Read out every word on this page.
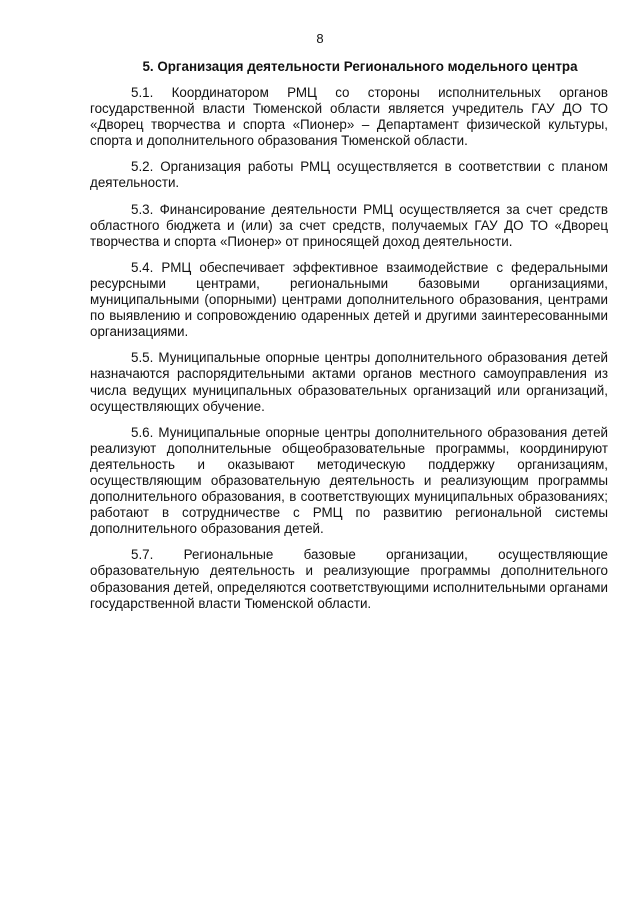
8
5. Организация деятельности Регионального модельного центра

5.1. Координатором РМЦ со стороны исполнительных органов государственной власти Тюменской области является учредитель ГАУ ДО ТО «Дворец творчества и спорта «Пионер» – Департамент физической культуры, спорта и дополнительного образования Тюменской области.

5.2. Организация работы РМЦ осуществляется в соответствии с планом деятельности.

5.3. Финансирование деятельности РМЦ осуществляется за счет средств областного бюджета и (или) за счет средств, получаемых ГАУ ДО ТО «Дворец творчества и спорта «Пионер» от приносящей доход деятельности.

5.4. РМЦ обеспечивает эффективное взаимодействие с федеральными ресурсными центрами, региональными базовыми организациями, муниципальными (опорными) центрами дополнительного образования, центрами по выявлению и сопровождению одаренных детей и другими заинтересованными организациями.

5.5. Муниципальные опорные центры дополнительного образования детей назначаются распорядительными актами органов местного самоуправления из числа ведущих муниципальных образовательных организаций или организаций, осуществляющих обучение.

5.6. Муниципальные опорные центры дополнительного образования детей реализуют дополнительные общеобразовательные программы, координируют деятельность и оказывают методическую поддержку организациям, осуществляющим образовательную деятельность и реализующим программы дополнительного образования, в соответствующих муниципальных образованиях; работают в сотрудничестве с РМЦ по развитию региональной системы дополнительного образования детей.

5.7. Региональные базовые организации, осуществляющие образовательную деятельность и реализующие программы дополнительного образования детей, определяются соответствующими исполнительными органами государственной власти Тюменской области.
